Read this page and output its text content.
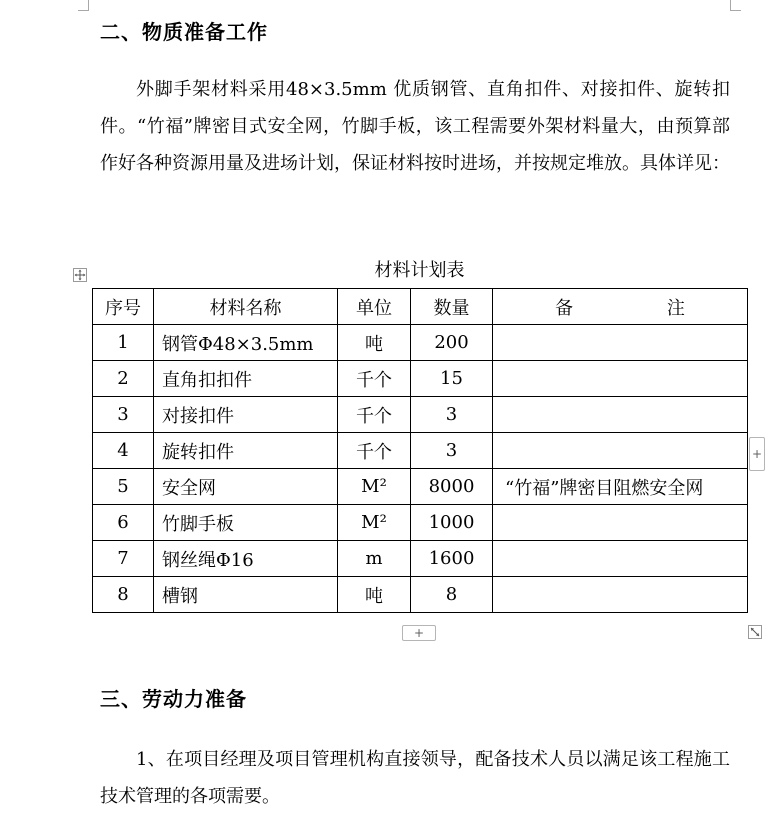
二、物质准备工作

外脚手架材料采用48×3.5mm 优质钢管、直角扣件、对接扣件、旋转扣件。“竹福”牌密目式安全网，竹脚手板，该工程需要外架材料量大，由预算部作好各种资源用量及进场计划，保证材料按时进场，并按规定堆放。具体详见：

材料计划表
序号	材料名称	单位	数量	备 注
1	钢管Φ48×3.5mm	吨	200	
2	直角扣扣件	千个	15	
3	对接扣件	千个	3	
4	旋转扣件	千个	3	
5	安全网	M²	8000	“竹福”牌密目阻燃安全网
6	竹脚手板	M²	1000	
7	钢丝绳Φ16	m	1600	
8	槽钢	吨	8	
+
+
三、劳动力准备

1、在项目经理及项目管理机构直接领导，配备技术人员以满足该工程施工技术管理的各项需要。
